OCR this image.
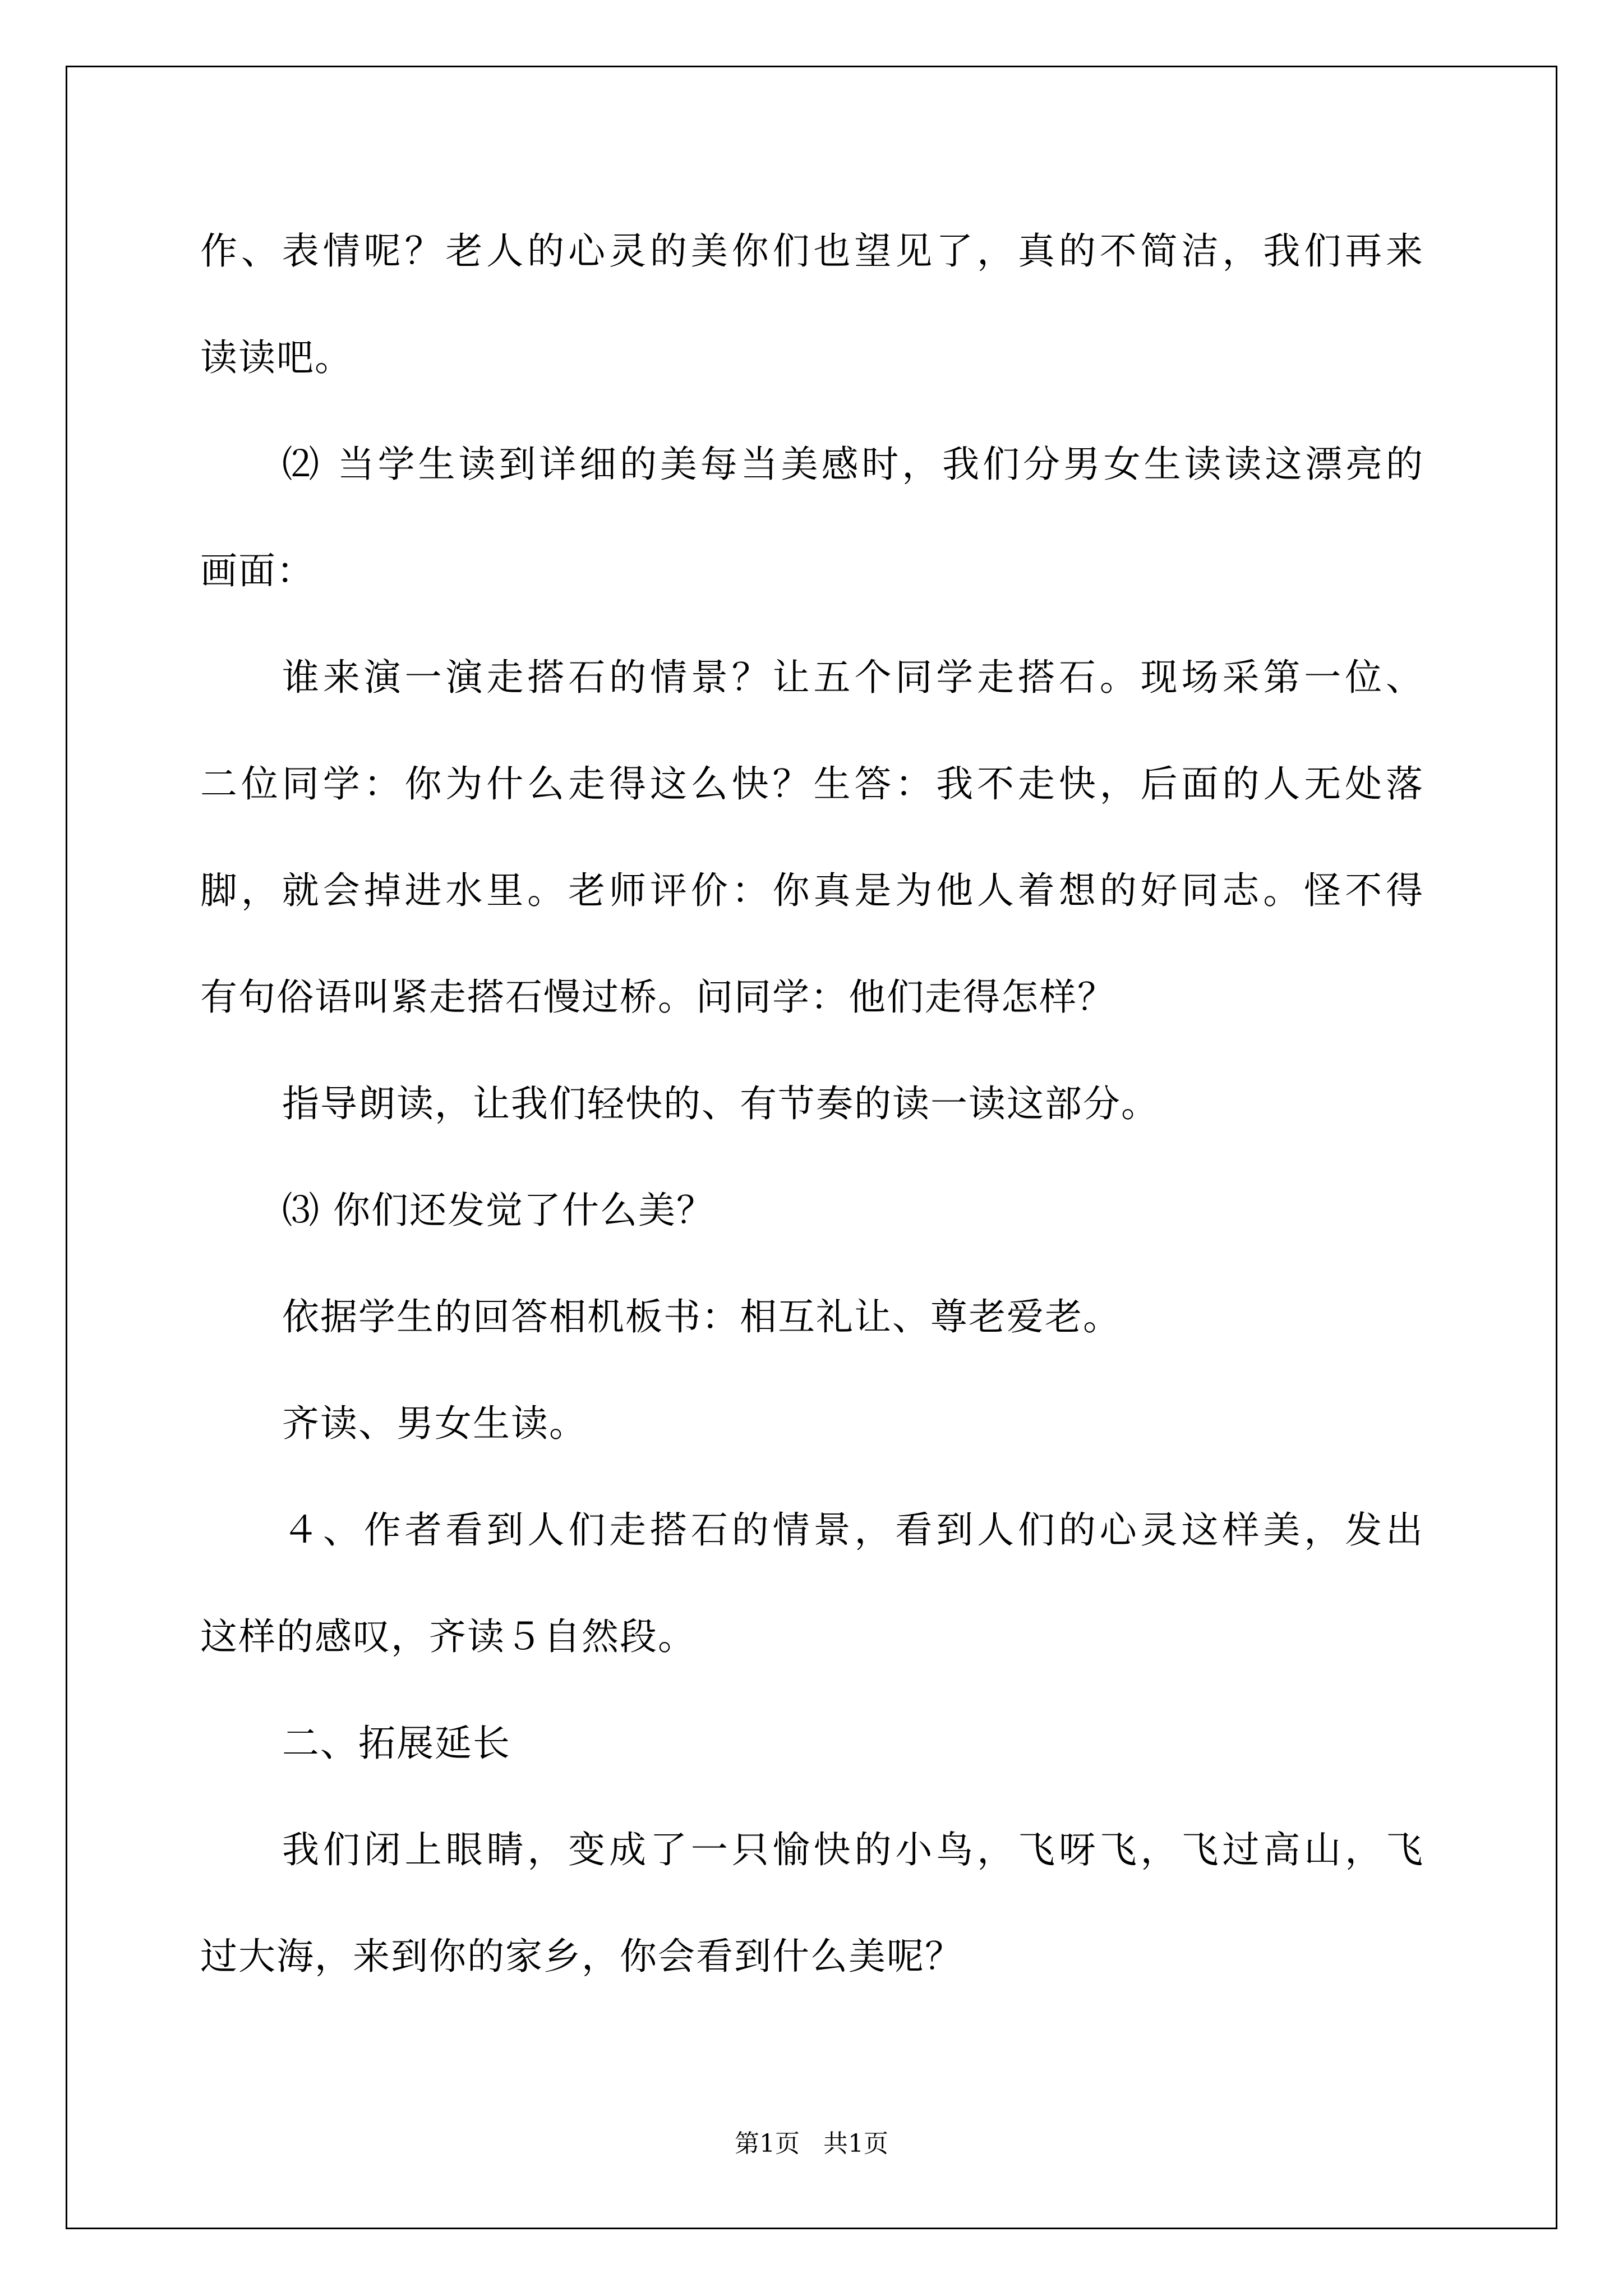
作、表情呢？老人的心灵的美你们也望见了，真的不简洁，我们再来
读读吧。
⑵ 当学生读到详细的美每当美感时，我们分男女生读读这漂亮的
画面：
谁来演一演走搭石的情景？让五个同学走搭石。现场采第一位、
二位同学：你为什么走得这么快？生答：我不走快，后面的人无处落
脚，就会掉进水里。老师评价：你真是为他人着想的好同志。怪不得
有句俗语叫紧走搭石慢过桥。问同学：他们走得怎样？
指导朗读，让我们轻快的、有节奏的读一读这部分。
⑶ 你们还发觉了什么美？
依据学生的回答相机板书：相互礼让、尊老爱老。
齐读、男女生读。
４、作者看到人们走搭石的情景，看到人们的心灵这样美，发出
这样的感叹，齐读５自然段。
二、拓展延长
我们闭上眼睛，变成了一只愉快的小鸟，飞呀飞，飞过高山，飞
过大海，来到你的家乡，你会看到什么美呢？
第1页   共1页
